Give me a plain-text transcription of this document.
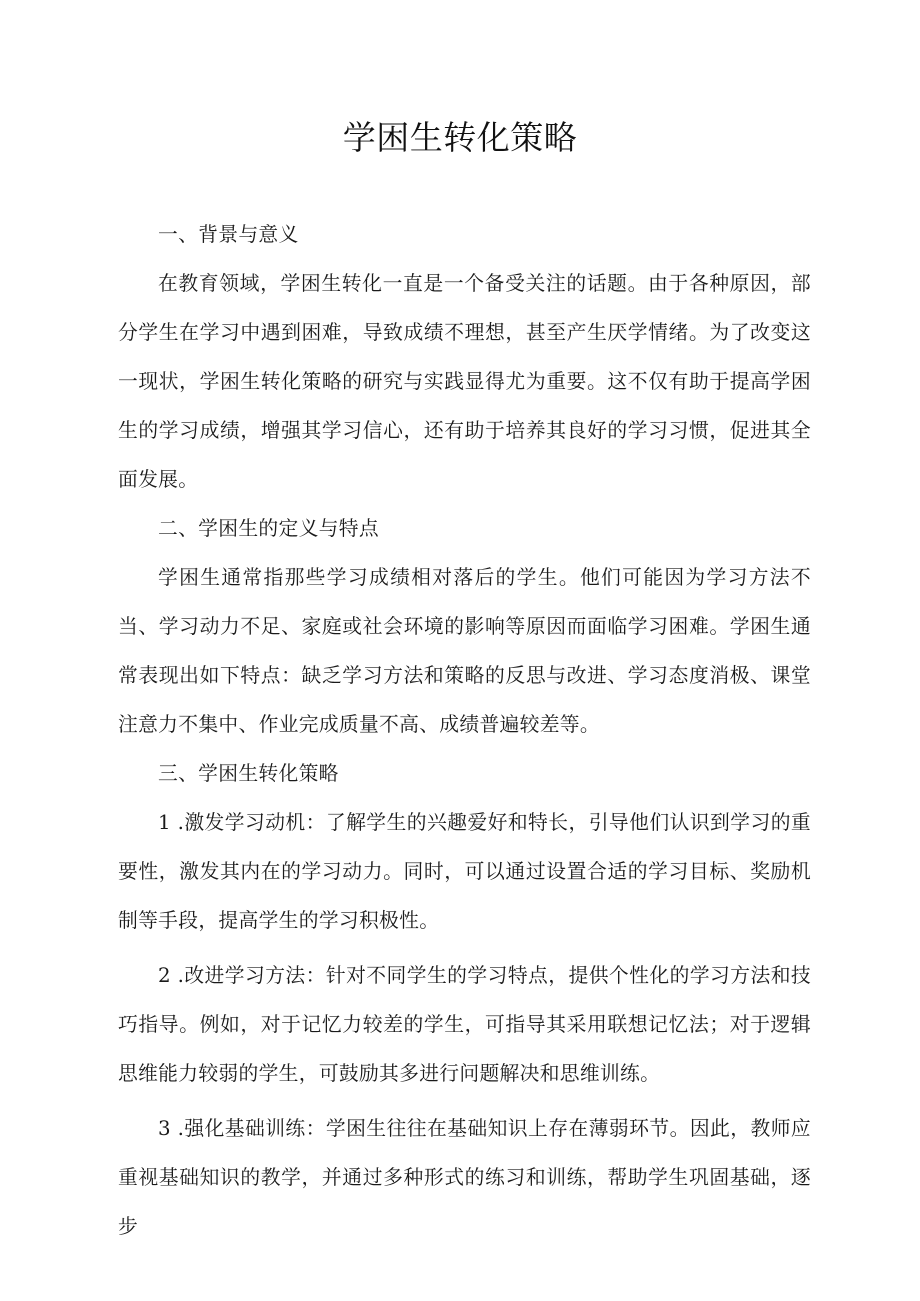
学困生转化策略

一、背景与意义

在教育领域，学困生转化一直是一个备受关注的话题。由于各种原因，部分学生在学习中遇到困难，导致成绩不理想，甚至产生厌学情绪。为了改变这一现状，学困生转化策略的研究与实践显得尤为重要。这不仅有助于提高学困生的学习成绩，增强其学习信心，还有助于培养其良好的学习习惯，促进其全面发展。

二、学困生的定义与特点

学困生通常指那些学习成绩相对落后的学生。他们可能因为学习方法不当、学习动力不足、家庭或社会环境的影响等原因而面临学习困难。学困生通常表现出如下特点：缺乏学习方法和策略的反思与改进、学习态度消极、课堂注意力不集中、作业完成质量不高、成绩普遍较差等。

三、学困生转化策略

1 .激发学习动机：了解学生的兴趣爱好和特长，引导他们认识到学习的重要性，激发其内在的学习动力。同时，可以通过设置合适的学习目标、奖励机制等手段，提高学生的学习积极性。

2 .改进学习方法：针对不同学生的学习特点，提供个性化的学习方法和技巧指导。例如，对于记忆力较差的学生，可指导其采用联想记忆法；对于逻辑思维能力较弱的学生，可鼓励其多进行问题解决和思维训练。

3 .强化基础训练：学困生往往在基础知识上存在薄弱环节。因此，教师应重视基础知识的教学，并通过多种形式的练习和训练，帮助学生巩固基础，逐步
